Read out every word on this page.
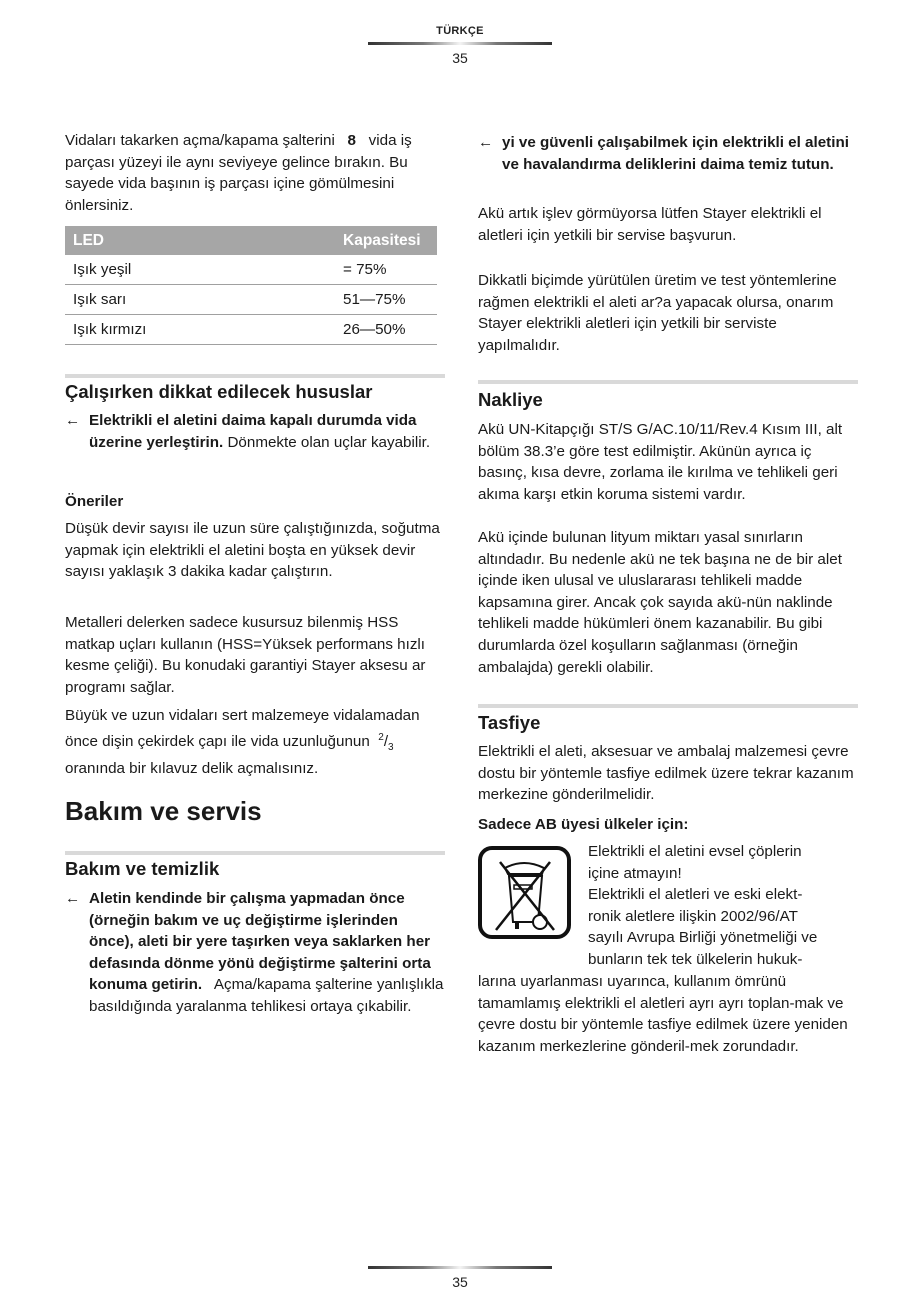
TÜRKÇE
35

Vidaları takarken açma/kapama şalterini 8 vida iş parçası yüzeyi ile aynı seviyeye gelince bırakın. Bu sayede vida başının iş parçası içine gömülmesini önlersiniz.

LED	Kapasitesi
Işık yeşil	= 75%
Işık sarı	51—75%
Işık kırmızı	26—50%
Çalışırken dikkat edilecek hususlar
← Elektrikli el aletini daima kapalı durumda vida üzerine yerleştirin. Dönmekte olan uçlar kayabilir.
Öneriler

Düşük devir sayısı ile uzun süre çalıştığınızda, soğutma yapmak için elektrikli el aletini boşta en yüksek devir sayısı yaklaşık 3 dakika kadar çalıştırın.

Metalleri delerken sadece kusursuz bilenmiş HSS matkap uçları kullanın (HSS=Yüksek performans hızlı kesme çeliği). Bu konudaki garantiyi Stayer aksesu ar programı sağlar.

Büyük ve uzun vidaları sert malzemeye vidalamadan önce dişin çekirdek çapı ile vida uzunluğunun $^2/_3$ oranında bir kılavuz delik açmalısınız.

Bakım ve servis
Bakım ve temizlik
← Aletin kendinde bir çalışma yapmadan önce (örneğin bakım ve uç değiştirme işlerinden önce), aleti bir yere taşırken veya saklarken her defasında dönme yönü değiştirme şalterini orta konuma getirin. Açma/kapama şalterine yanlışlıkla basıldığında yaralanma tehlikesi ortaya çıkabilir.
← yi ve güvenli çalışabilmek için elektrikli el aletini ve havalandırma deliklerini daima temiz tutun.

Akü artık işlev görmüyorsa lütfen Stayer elektrikli el aletleri için yetkili bir servise başvurun.

Dikkatli biçimde yürütülen üretim ve test yöntemlerine rağmen elektrikli el aleti ar?a yapacak olursa, onarım Stayer elektrikli aletleri için yetkili bir serviste yapılmalıdır.

Nakliye

Akü UN-Kitapçığı ST/S G/AC.10/11/Rev.4 Kısım III, alt bölüm 38.3’e göre test edilmiştir. Akünün ayrıca iç basınç, kısa devre, zorlama ile kırılma ve tehlikeli geri akıma karşı etkin koruma sistemi vardır.

Akü içinde bulunan lityum miktarı yasal sınırların altındadır. Bu nedenle akü ne tek başına ne de bir alet içinde iken ulusal ve uluslararası tehlikeli madde kapsamına girer. Ancak çok sayıda akü-nün naklinde tehlikeli madde hükümleri önem kazanabilir. Bu gibi durumlarda özel koşulların sağlanması (örneğin ambalajda) gerekli olabilir.

Tasfiye

Elektrikli el aleti, aksesuar ve ambalaj malzemesi çevre dostu bir yöntemle tasfiye edilmek üzere tekrar kazanım merkezine gönderilmelidir.

Sadece AB üyesi ülkeler için:

Elektrikli el aletini evsel çöplerin

içine atmayın!

Elektrikli el aletleri ve eski elekt-

ronik aletlere ilişkin 2002/96/AT

sayılı Avrupa Birliği yönetmeliği ve

bunların tek tek ülkelerin hukuk-

larına uyarlanması uyarınca, kullanım ömrünü tamamlamış elektrikli el aletleri ayrı ayrı toplan-mak ve çevre dostu bir yöntemle tasfiye edilmek üzere yeniden kazanım merkezlerine gönderil-mek zorundadır.

35
